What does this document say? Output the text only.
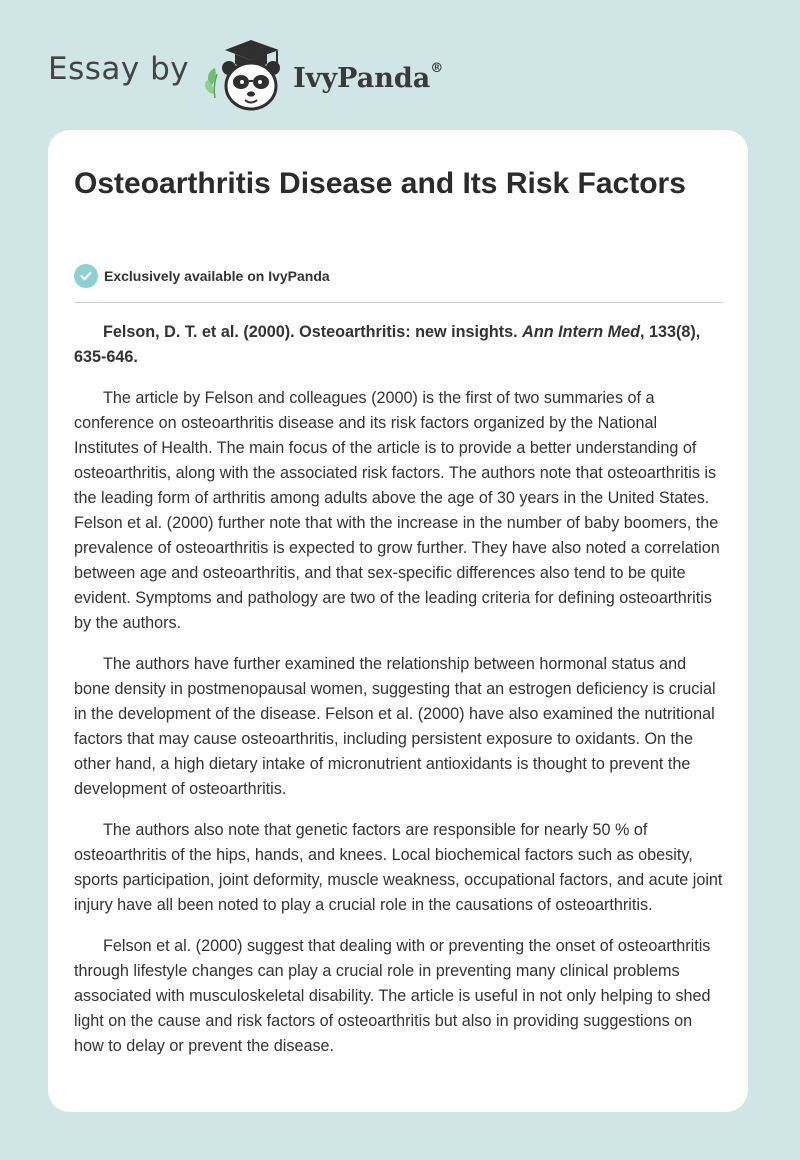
Essay by	IvyPanda®
Osteoarthritis Disease and Its Risk Factors
Exclusively available on IvyPanda

Felson, D. T. et al. (2000). Osteoarthritis: new insights. Ann Intern Med, 133(8), 635-646.

The article by Felson and colleagues (2000) is the first of two summaries of a conference on osteoarthritis disease and its risk factors organized by the National Institutes of Health. The main focus of the article is to provide a better understanding of osteoarthritis, along with the associated risk factors. The authors note that osteoarthritis is the leading form of arthritis among adults above the age of 30 years in the United States. Felson et al. (2000) further note that with the increase in the number of baby boomers, the prevalence of osteoarthritis is expected to grow further. They have also noted a correlation between age and osteoarthritis, and that sex-specific differences also tend to be quite evident. Symptoms and pathology are two of the leading criteria for defining osteoarthritis by the authors.

The authors have further examined the relationship between hormonal status and bone density in postmenopausal women, suggesting that an estrogen deficiency is crucial in the development of the disease. Felson et al. (2000) have also examined the nutritional factors that may cause osteoarthritis, including persistent exposure to oxidants. On the other hand, a high dietary intake of micronutrient antioxidants is thought to prevent the development of osteoarthritis.

The authors also note that genetic factors are responsible for nearly 50 % of osteoarthritis of the hips, hands, and knees. Local biochemical factors such as obesity, sports participation, joint deformity, muscle weakness, occupational factors, and acute joint injury have all been noted to play a crucial role in the causations of osteoarthritis.

Felson et al. (2000) suggest that dealing with or preventing the onset of osteoarthritis through lifestyle changes can play a crucial role in preventing many clinical problems associated with musculoskeletal disability. The article is useful in not only helping to shed light on the cause and risk factors of osteoarthritis but also in providing suggestions on how to delay or prevent the disease.
